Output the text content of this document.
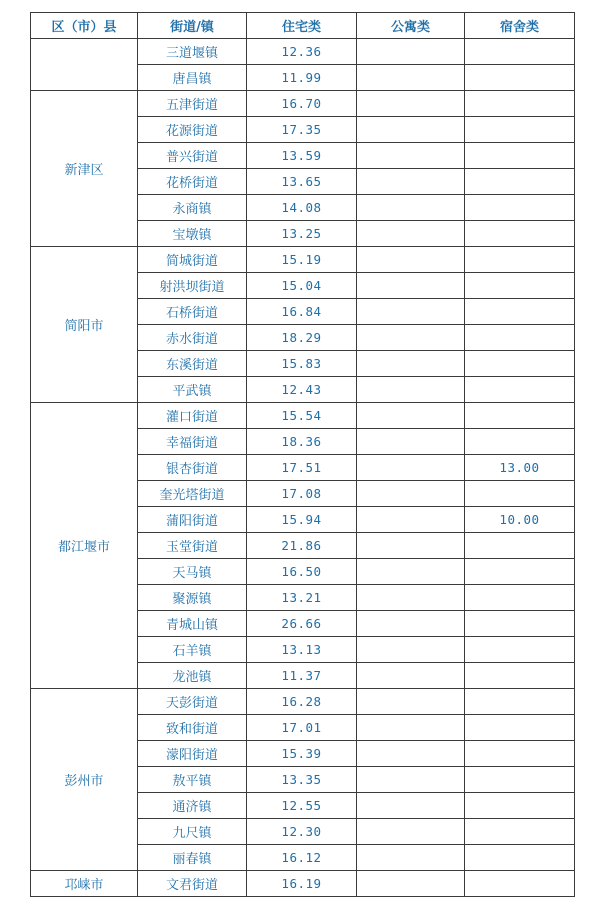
区（市）县	街道/镇	住宅类	公寓类	宿舍类
	三道堰镇	12.36		
	唐昌镇	11.99		
新津区	五津街道	16.70		
	花源街道	17.35		
	普兴街道	13.59		
	花桥街道	13.65		
	永商镇	14.08		
	宝墩镇	13.25		
简阳市	简城街道	15.19		
	射洪坝街道	15.04		
	石桥街道	16.84		
	赤水街道	18.29		
	东溪街道	15.83		
	平武镇	12.43		
都江堰市	灌口街道	15.54		
	幸福街道	18.36		
	银杏街道	17.51		13.00
	奎光塔街道	17.08		
	蒲阳街道	15.94		10.00
	玉堂街道	21.86		
	天马镇	16.50		
	聚源镇	13.21		
	青城山镇	26.66		
	石羊镇	13.13		
	龙池镇	11.37		
彭州市	天彭街道	16.28		
	致和街道	17.01		
	濛阳街道	15.39		
	敖平镇	13.35		
	通济镇	12.55		
	九尺镇	12.30		
	丽春镇	16.12		
邛崃市	文君街道	16.19		
